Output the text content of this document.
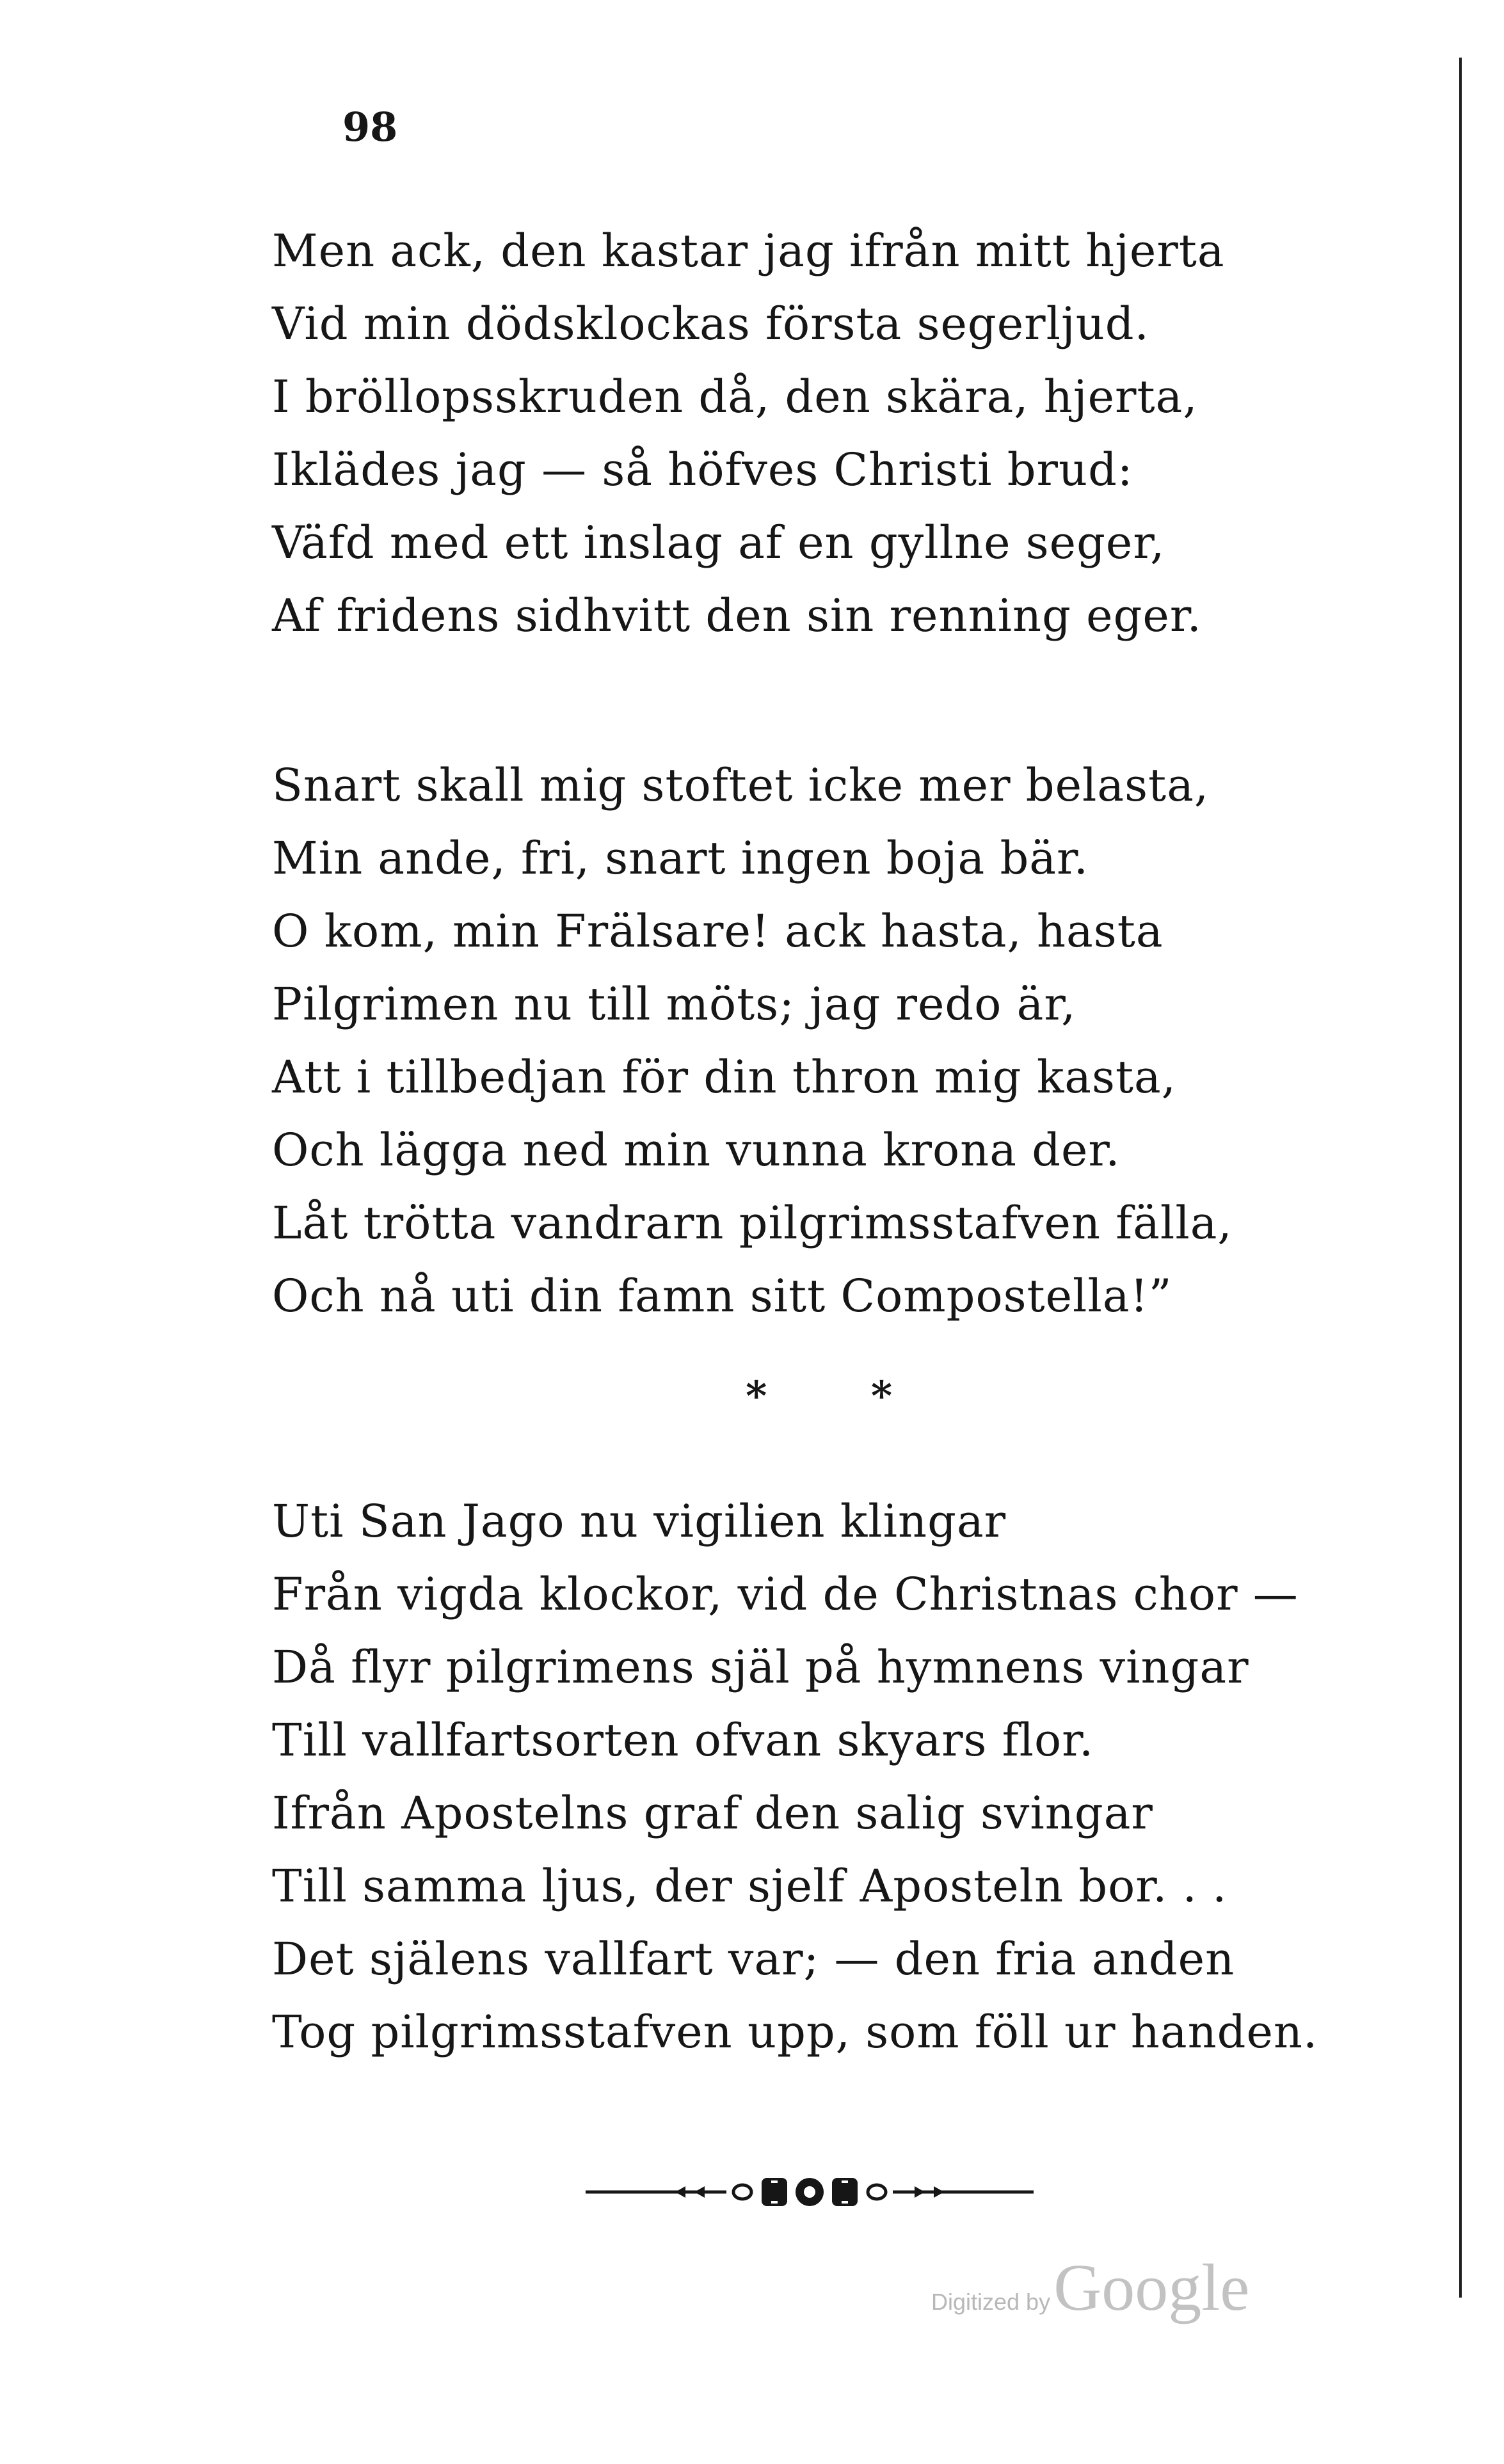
98
Men ack, den kastar jag ifrån mitt hjerta
Vid min dödsklockas första segerljud.
I bröllopsskruden då, den skära, hjerta,
Iklädes jag — så höfves Christi brud:
Väfd med ett inslag af en gyllne seger,
Af fridens sidhvitt den sin renning eger.
Snart skall mig stoftet icke mer belasta,
Min ande, fri, snart ingen boja bär.
O kom, min Frälsare! ack hasta, hasta
Pilgrimen nu till möts; jag redo är,
Att i tillbedjan för din thron mig kasta,
Och lägga ned min vunna krona der.
Låt trötta vandrarn pilgrimsstafven fälla,
Och nå uti din famn sitt Compostella!”
* *
Uti San Jago nu vigilien klingar
Från vigda klockor, vid de Christnas chor —
Då flyr pilgrimens själ på hymnens vingar
Till vallfartsorten ofvan skyars flor.
Ifrån Apostelns graf den salig svingar
Till samma ljus, der sjelf Aposteln bor. . .
Det själens vallfart var; — den fria anden
Tog pilgrimsstafven upp, som föll ur handen.
Digitized by Google
